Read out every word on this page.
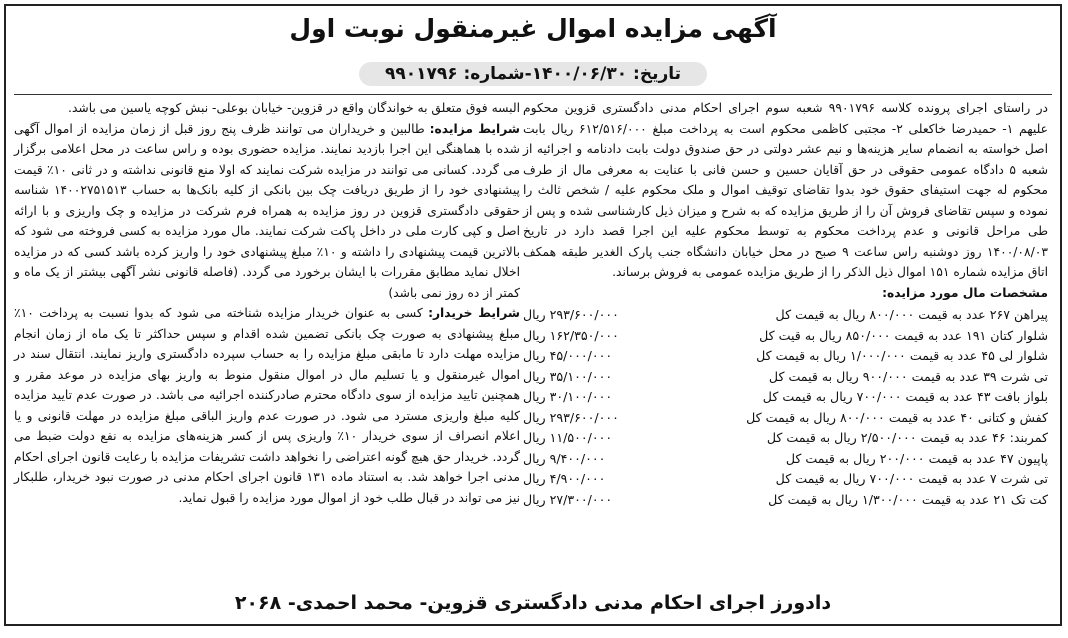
آگهی مزایده اموال غیرمنقول نوبت اول
تاریخ: ۱۴۰۰/۰۶/۳۰-شماره: ۹۹۰۱۷۹۶

در راستای اجرای پرونده کلاسه ۹۹۰۱۷۹۶ شعبه سوم اجرای احکام مدنی دادگستری قزوین محکوم علیهم ۱- حمیدرضا خاکعلی ۲- مجتبی کاظمی محکوم است به پرداخت مبلغ ۶۱۲/۵۱۶/۰۰۰ ریال بابت اصل خواسته به انضمام سایر هزینه‌ها و نیم عشر دولتی در حق صندوق دولت بابت دادنامه و اجرائیه از شعبه ۵ دادگاه عمومی حقوقی در حق آقایان حسین و حسن فانی با عنایت به معرفی مال از طرف محکوم له جهت استیفای حقوق خود بدوا تقاضای توقیف اموال و ملک محکوم علیه / شخص ثالث را نموده و سپس تقاضای فروش آن را از طریق مزایده که به شرح و میزان ذیل کارشناسی شده و پس از طی مراحل قانونی و عدم پرداخت محکوم به توسط محکوم علیه این اجرا قصد دارد در تاریخ ۱۴۰۰/۰۸/۰۳ روز دوشنبه راس ساعت ۹ صبح در محل خیابان دانشگاه جنب پارک الغدیر طبقه همکف اتاق مزایده شماره ۱۵۱ اموال ذیل الذکر را از طریق مزایده عمومی به فروش برساند.

مشخصات مال مورد مزایده:

پیراهن ۲۶۷ عدد به قیمت ۸۰۰/۰۰۰ ریال به قیمت کل
۲۹۳/۶۰۰/۰۰۰ ریال
شلوار کتان ۱۹۱ عدد به قیمت ۸۵۰/۰۰۰ ریال به قیت کل
۱۶۲/۳۵۰/۰۰۰ ریال
شلوار لی ۴۵ عدد به قیمت ۱/۰۰۰/۰۰۰ ریال به قیمت کل
۴۵/۰۰۰/۰۰۰ ریال
تی شرت ۳۹ عدد به قیمت ۹۰۰/۰۰۰ ریال به قیمت کل
۳۵/۱۰۰/۰۰۰ ریال
بلواز بافت ۴۳ عدد به قیمت ۷۰۰/۰۰۰ ریال به قیمت کل
۳۰/۱۰۰/۰۰۰ ریال
کفش و کتانی ۴۰ عدد به قیمت ۸۰۰/۰۰۰ ریال به قیمت کل
۲۹۳/۶۰۰/۰۰۰ ریال
کمربند: ۴۶ عدد به قیمت ۲/۵۰۰/۰۰۰ ریال به قیمت کل
۱۱/۵۰۰/۰۰۰ ریال
پاپیون ۴۷ عدد به قیمت ۲۰۰/۰۰۰ ریال به قیمت کل
۹/۴۰۰/۰۰۰ ریال
تی شرت ۷ عدد به قیمت ۷۰۰/۰۰۰ ریال به قیمت کل
۴/۹۰۰/۰۰۰ ریال
کت تک ۲۱ عدد به قیمت ۱/۳۰۰/۰۰۰ ریال به قیمت کل
۲۷/۳۰۰/۰۰۰ ریال

البسه فوق متعلق به خواندگان واقع در قزوین- خیابان بوعلی- نبش کوچه یاسین می باشد.

شرایط مزایده: طالبین و خریداران می توانند ظرف پنج روز قبل از زمان مزایده از اموال آگهی شده با هماهنگی این اجرا بازدید نمایند. مزایده حضوری بوده و راس ساعت در محل اعلامی برگزار می گردد. کسانی می توانند در مزایده شرکت نمایند که اولا منع قانونی نداشته و در ثانی ۱۰٪ قیمت پیشنهادی خود را از طریق دریافت چک بین بانکی از کلیه بانک‌ها به حساب ۱۴۰۰۲۷۵۱۵۱۳ شناسه حقوقی دادگستری قزوین در روز مزایده به همراه فرم شرکت در مزایده و چک واریزی و با ارائه اصل و کپی کارت ملی در داخل پاکت شرکت نمایند. مال مورد مزایده به کسی فروخته می شود که بالاترین قیمت پیشنهادی را داشته و ۱۰٪ مبلغ پیشنهادی خود را واریز کرده باشد کسی که در مزایده اخلال نماید مطابق مقررات با ایشان برخورد می گردد. (فاصله قانونی نشر آگهی بیشتر از یک ماه و کمتر از ده روز نمی باشد)

شرایط خریدار: کسی به عنوان خریدار مزایده شناخته می شود که بدوا نسبت به پرداخت ۱۰٪ مبلغ پیشنهادی به صورت چک بانکی تضمین شده اقدام و سپس حداکثر تا یک ماه از زمان انجام مزایده مهلت دارد تا مابقی مبلغ مزایده را به حساب سپرده دادگستری واریز نمایند. انتقال سند در اموال غیرمنقول و یا تسلیم مال در اموال منقول منوط به واریز بهای مزایده در موعد مقرر و همچنین تایید مزایده از سوی دادگاه محترم صادرکننده اجرائیه می باشد. در صورت عدم تایید مزایده کلیه مبلغ واریزی مسترد می شود. در صورت عدم واریز الباقی مبلغ مزایده در مهلت قانونی و یا اعلام انصراف از سوی خریدار ۱۰٪ واریزی پس از کسر هزینه‌های مزایده به نفع دولت ضبط می گردد. خریدار حق هیچ گونه اعتراضی را نخواهد داشت تشریفات مزایده با رعایت قانون اجرای احکام مدنی اجرا خواهد شد. به استناد ماده ۱۳۱ قانون اجرای احکام مدنی در صورت نبود خریدار، طلبکار نیز می تواند در قبال طلب خود از اموال مورد مزایده را قبول نماید.

دادورز اجرای احکام مدنی دادگستری قزوین- محمد احمدی- ۲۰۶۸
